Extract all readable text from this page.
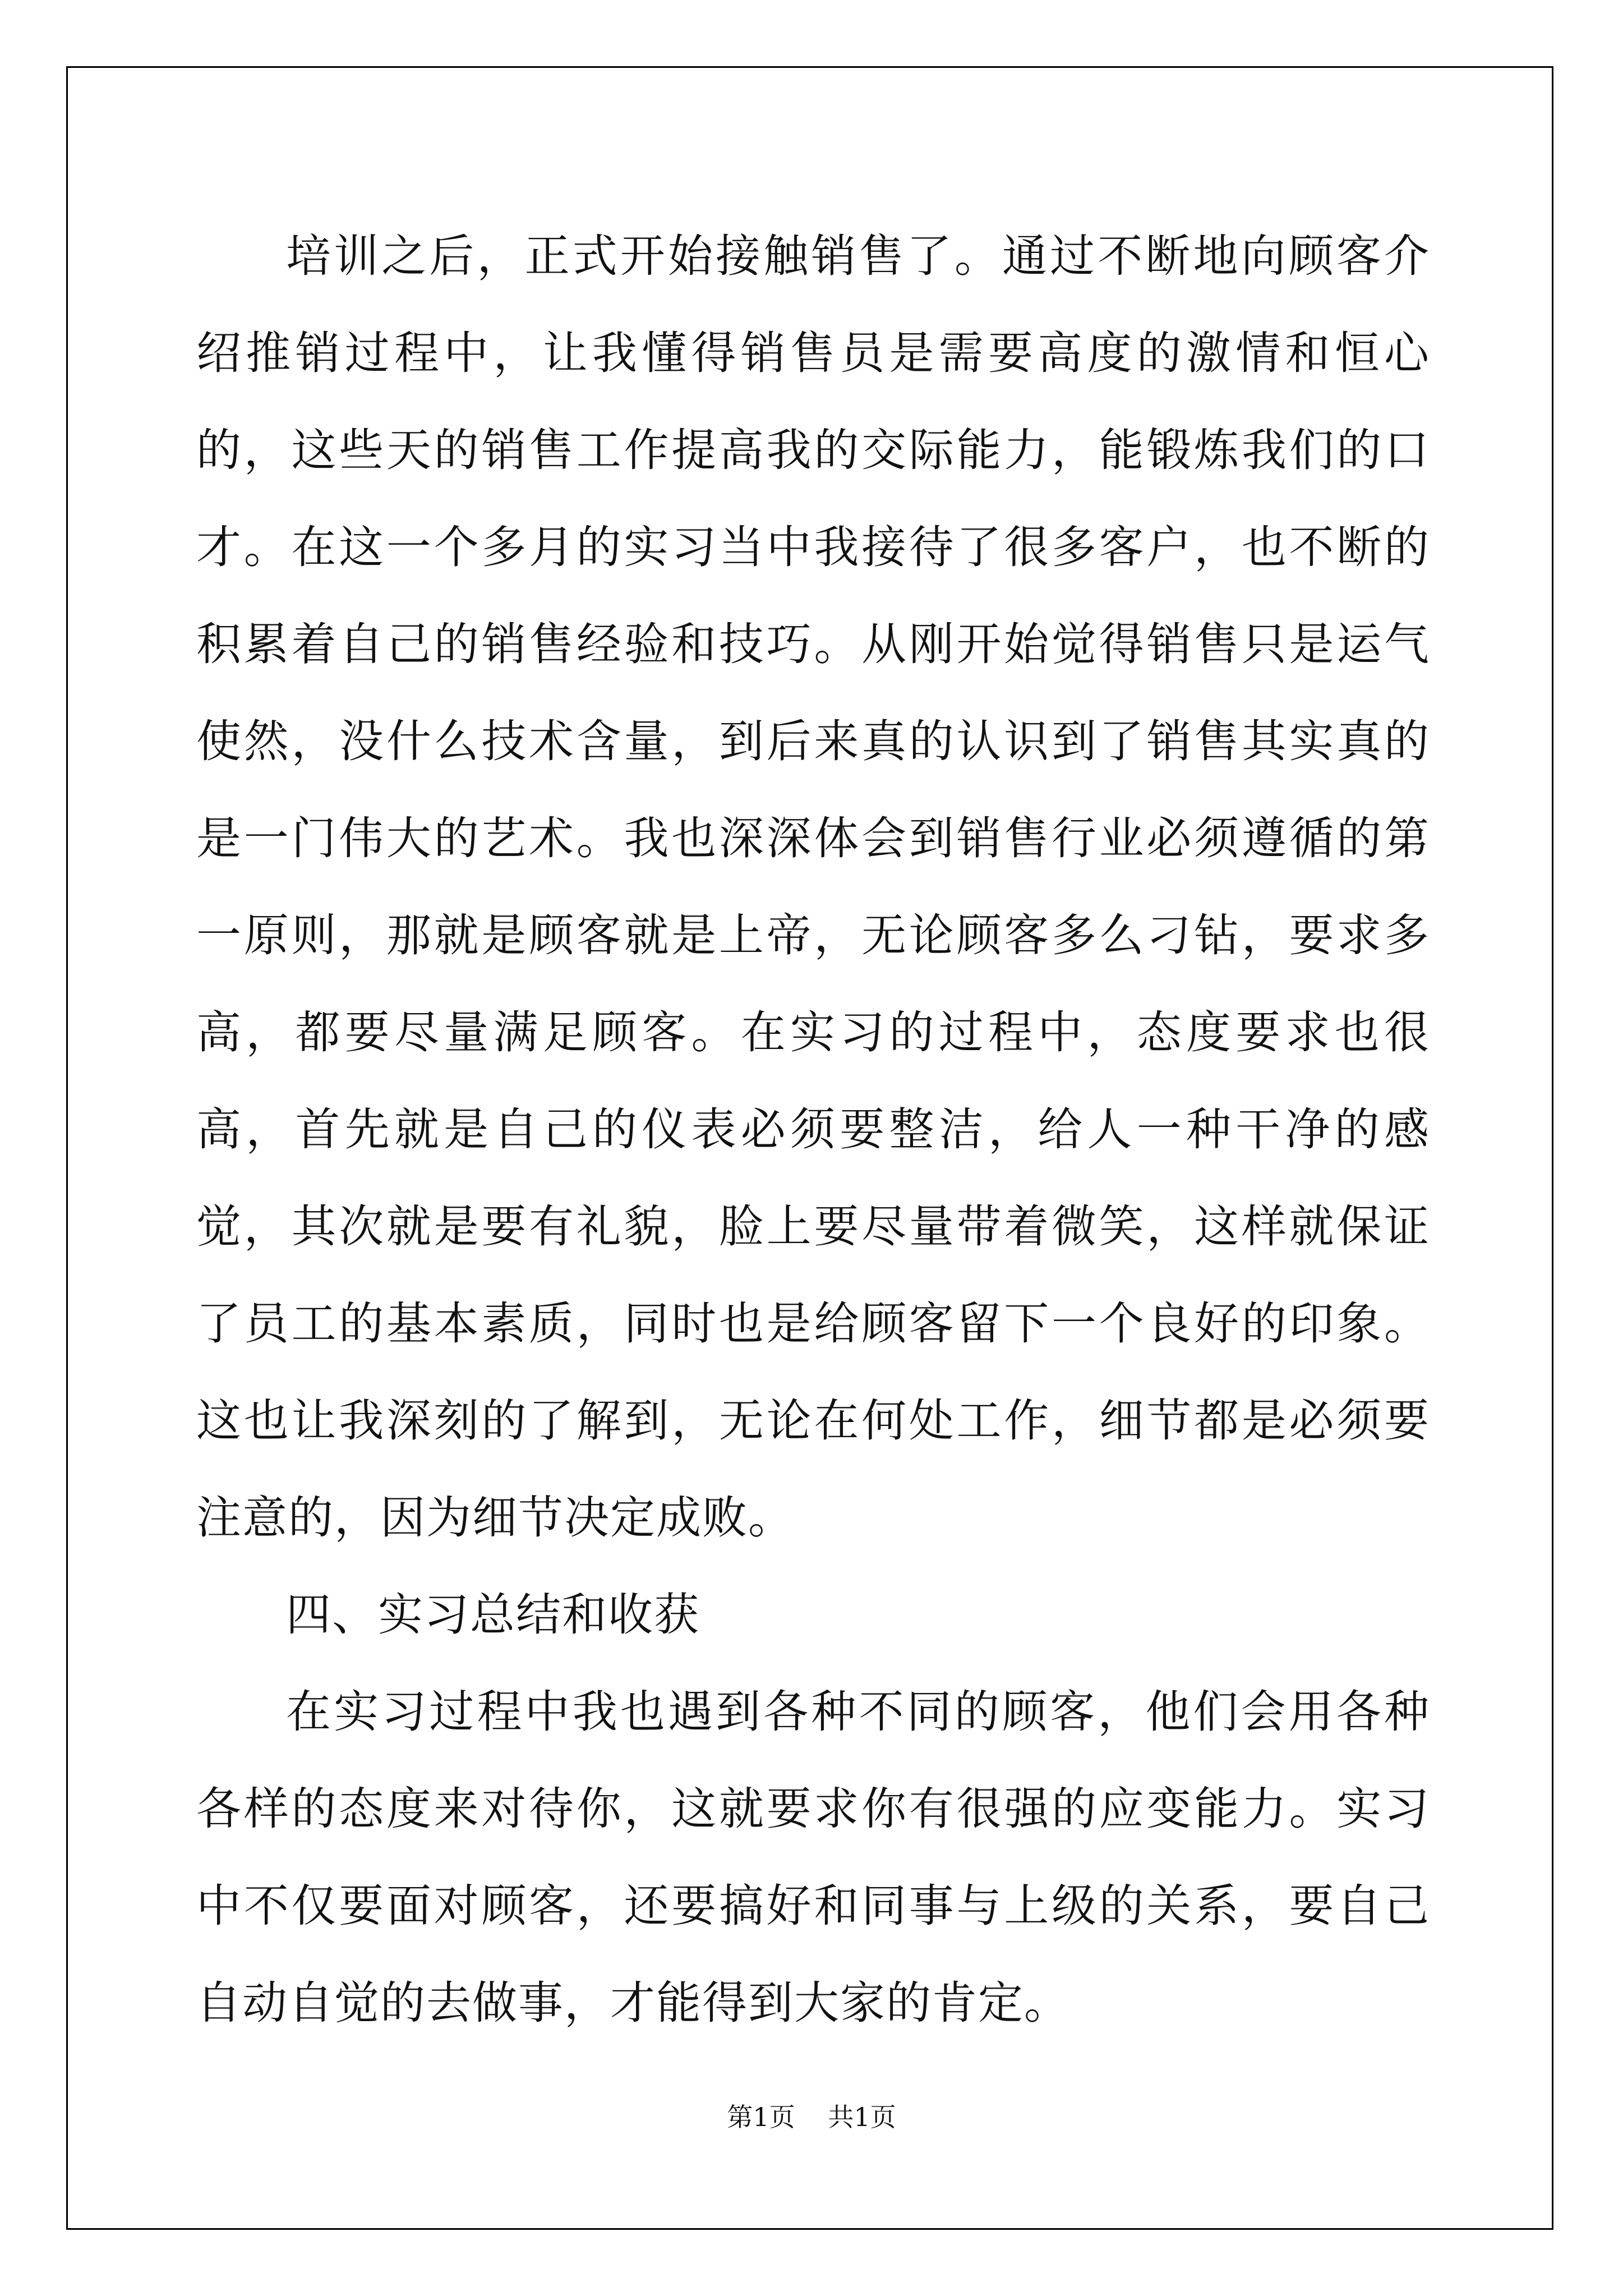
培训之后，正式开始接触销售了。通过不断地向顾客介绍推销过程中，让我懂得销售员是需要高度的激情和恒心的，这些天的销售工作提高我的交际能力，能锻炼我们的口才。在这一个多月的实习当中我接待了很多客户，也不断的积累着自己的销售经验和技巧。从刚开始觉得销售只是运气使然，没什么技术含量，到后来真的认识到了销售其实真的是一门伟大的艺术。我也深深体会到销售行业必须遵循的第一原则，那就是顾客就是上帝，无论顾客多么刁钻，要求多高，都要尽量满足顾客。在实习的过程中，态度要求也很高，首先就是自己的仪表必须要整洁，给人一种干净的感觉，其次就是要有礼貌，脸上要尽量带着微笑，这样就保证了员工的基本素质，同时也是给顾客留下一个良好的印象。这也让我深刻的了解到，无论在何处工作，细节都是必须要注意的，因为细节决定成败。

四、实习总结和收获

在实习过程中我也遇到各种不同的顾客，他们会用各种各样的态度来对待你，这就要求你有很强的应变能力。实习中不仅要面对顾客，还要搞好和同事与上级的关系，要自己自动自觉的去做事，才能得到大家的肯定。

第1页 共1页
